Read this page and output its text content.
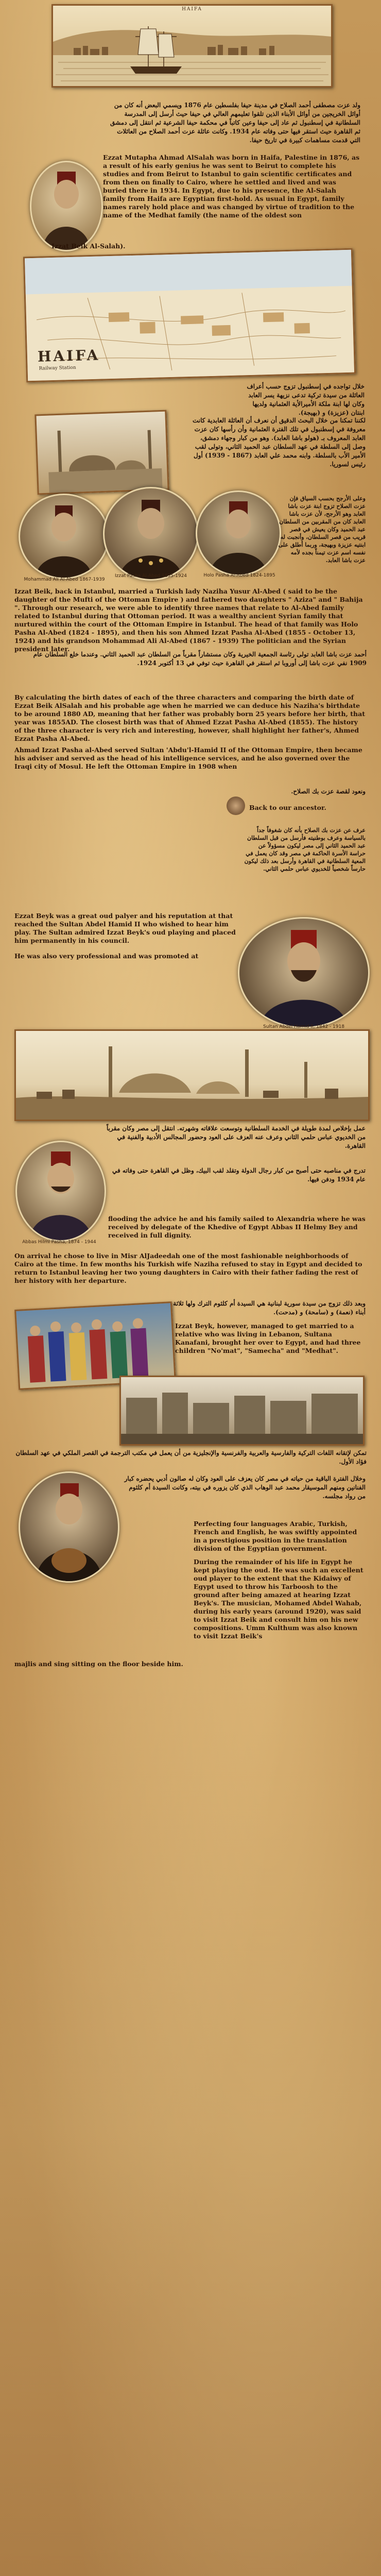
HAIFA
ولد عزت مصطفى أحمد الصلاح في مدينة حيفا بفلسطين عام 1876 ويسمي البعض أنه كان من أوائل الخريجين من أوائل الأبناء الذين تلقوا تعليمهم العالي في حيفا حيث أرسل إلى المدرسة السلطانية في إسطنبول ثم عاد إلى حيفا وعين كاتباً في محكمة حيفا الشرعية ثم انتقل إلى دمشق ثم القاهرة حيث استقر فيها حتى وفاته عام 1934. وكانت عائلة عزت أحمد الصلاح من العائلات التي قدمت مساهمات كبيرة في تاريخ حيفا.
Ezzat Mutapha Ahmad AlSalah was born in Haifa, Palestine in 1876, as a result of his early genius he was sent to Beirut to complete his studies and from Beirut to Istanbul to gain scientific certificates and from then on finally to Cairo, where he settled and lived and was buried there in 1934. In Egypt, due to his presence, the Al-Salah family from Haifa are Egyptian first-hold. As usual in Egypt, family names rarely hold place and was changed by virtue of tradition to the name of the Medhat family (the name of the oldest son
Izzat Beik Al-Salah).
HAIFA
Railway Station
خلال تواجده في إسطنبول تزوج حسب أعراف العائلة من سيدة تركية تدعى نزيهة يسر العابد وكان لها ابنة ملكة الأميرالأية العثمانية ولديها ابنتان (عزيزة) و (بهيجة).
لكننا تمكنا من خلال البحث الدقيق أن نعرف أن العائلة العابدية كانت معروفة في إسطنبول في تلك الفترة العثمانية وأن رأسها كان عزت العابد المعروف بـ (هولو باشا العابد). وهو من كبار وجهاء دمشق، وصل إلى السلطة في عهد السلطان عبد الحميد الثاني، وتولى لقب الأمير الأب بالسلطة. وابنه محمد علي العابد (1867 - 1939) أول رئيس لسوريا.
Mohammad Ali Al-Abed 1867-1939
Izzat Pasha Al-Abed 1855-1924	Holo Pasha Al-Abed 1824-1895
وعلى الأرجح بحسب السياق فإن عزت الصلاح تزوج ابنة عزت باشا العابد وهو الأرجح، لأن عزت باشا العابد كان من المقربين من السلطان عبد الحميد وكان يعيش في قصر قريب من قصر السلطان، وأنجبت له ابنتيه عزيزة وبهيجة، وربما أطلق على نفسه اسم عزت تيمناً بجده لأمه عزت باشا العابد.
Izzat Beik, back in Istanbul, married a Turkish lady Naziha Yusur Al-Abed ( said to be the daughter of the Mufti of the Ottoman Empire ) and fathered two daughters " Aziza" and " Bahija ". Through our research, we were able to identify three names that relate to Al-Abed family related to Istanbul during that Ottoman period. It was a wealthy ancient Syrian family that nurtured within the court of the Ottoman Empire in Istanbul. The head of that family was Holo Pasha Al-Abed (1824 - 1895), and then his son Ahmed Izzat Pasha Al-Abed (1855 - October 13, 1924) and his grandson Mohammad Ali Al-Abed (1867 - 1939) The politician and the Syrian president later.
أحمد عزت باشا العابد تولى رئاسة الجمعية الخيرية وكان مستشاراً مقرباً من السلطان عبد الحميد الثاني. وعندما خلع السلطان عام 1909 نفي عزت باشا إلى أوروبا ثم استقر في القاهرة حيث توفي في 13 أكتوبر 1924.
By calculating the birth dates of each of the three characters and comparing the birth date of Ezzat Beik AlSalah and his probable age when he married we can deduce his Naziha's birthdate to be around 1880 AD, meaning that her father was probably born 25 years before her birth, that year was 1855AD. The closest birth was that of Ahmed Ezzat Pasha Al-Abed (1855). The history of the three character is very rich and interesting, however, shall highlight her father's, Ahmed Ezzat Pasha Al-Abed.
Ahmad Izzat Pasha al-Abed served Sultan 'Abdu'l-Hamid II of the Ottoman Empire, then became his adviser and served as the head of his intelligence services, and he also governed over the Iraqi city of Mosul. He left the Ottoman Empire in 1908 when
ونعود لقصة عزت بك الصلاح.
Back to our ancestor.
عرف عن عزت بك الصلاح بأنه كان شغوفاً جداً بالسياسة وعرف بوطنيته فأرسل من قبل السلطان عبد الحميد الثاني إلى مصر ليكون مسؤولاً عن حراسة الأسرة الحاكمة في مصر وقد كان يعمل في المعية السلطانية في القاهرة وأرسل بعد ذلك ليكون حارساً شخصياً للخديوي عباس حلمي الثاني.
Ezzat Beyk was a great oud palyer and his reputation at that reached the Sultan Abdel Hamid II who wished to hear him play. The Sultan admired Izzat Beyk's oud playing and placed him permanently in his council.
He was also very professional and was promoted at
Sultan Abdel Hamid II, 1842 - 1918
عمل بإخلاص لمدة طويلة في الخدمة السلطانية وتوسعت علاقاته وشهرته. انتقل إلى مصر وكان مقرباً من الخديوي عباس حلمي الثاني وعرف عنه العزف على العود وحضور المجالس الأدبية والفنية في القاهرة.
Abbas Hilmi Pasha, 1874 - 1944
تدرج في مناصبه حتى أصبح من كبار رجال الدولة وتقلد لقب البيك، وظل في القاهرة حتى وفاته في عام 1934 ودفن فيها.
flooding the advice he and his family sailed to Alexandria where he was received by delegate of the Khedive of Egypt Abbas II Helmy Bey and received in full dignity.
On arrival he chose to live in Misr AlJadeedah one of the most fashionable neighborhoods of Cairo at the time. In few months his Turkish wife Naziha refused to stay in Egypt and decided to return to Istanbul leaving her two young daughters in Cairo with their father fading the rest of her history with her departure.
وبعد ذلك تزوج من سيدة سورية لبنانية هي السيدة أم كلثوم الترك ولها ثلاثة أبناء (نعمة) و (سامحة) و (مدحت).
Izzat Beyk, however, managed to get married to a relative who was living in Lebanon, Sultana Kanafani, brought her over to Egypt, and had three children "No'mat", "Samecha" and "Medhat".
تمكن لإتقانه اللغات التركية والفارسية والعربية والفرنسية والإنجليزية من أن يعمل في مكتب الترجمة في القصر الملكي في عهد السلطان فؤاد الأول.
وخلال الفترة الباقية من حياته في مصر كان يعزف على العود وكان له صالون أدبي يحضره كبار الفنانين ومنهم الموسيقار محمد عبد الوهاب الذي كان يزوره في بيته، وكانت السيدة أم كلثوم من رواد مجلسه.
Perfecting four languages Arabic, Turkish, French and English, he was swiftly appointed in a prestigious position in the translation division of the Egyptian government.
During the remainder of his life in Egypt he kept playing the oud. He was such an excellent oud player to the extent that the Kidaiwy of Egypt used to throw his Tarboosh to the ground after being amazed at hearing Izzat Beyk's. The musician, Mohamed Abdel Wahab, during his early years (around 1920), was said to visit Izzat Beik and consult him on his new compositions. Umm Kulthum was also known to visit Izzat Beik's
majlis and sing sitting on the floor beside him.
